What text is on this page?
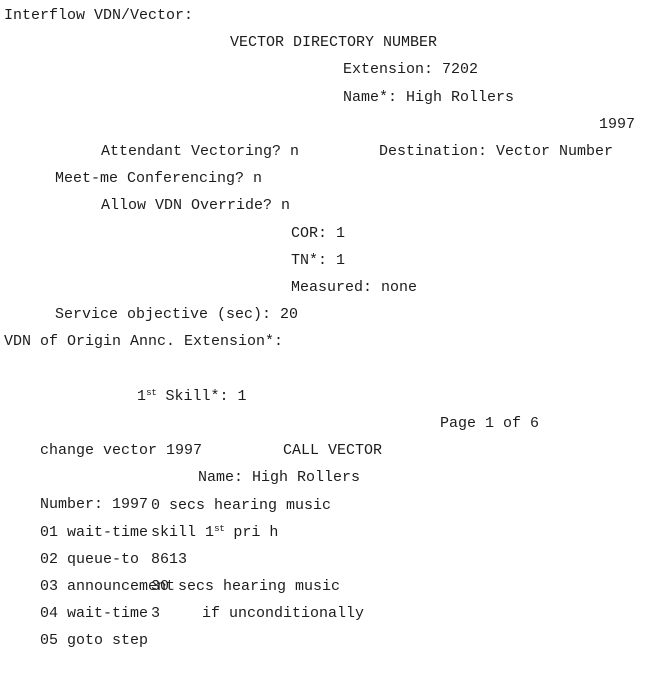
Interflow VDN/Vector:
VECTOR DIRECTORY NUMBER
Extension: 7202
Name*: High Rollers

Destination: Vector Number
1997

Attendant Vectoring? n
Meet-me Conferencing? n
Allow VDN Override? n
COR: 1
TN*: 1
Measured: none
Service objective (sec): 20
VDN of Origin Annc. Extension*:

1st Skill*: 1

change vector 1997
Page 1 of 6

CALL VECTOR

Number: 1997
Name: High Rollers

01 wait-time
0 secs hearing music

02 queue-to
skill 1st pri h

03 announcement
8613

04 wait-time
30 secs hearing music

05 goto step
3	if unconditionally
